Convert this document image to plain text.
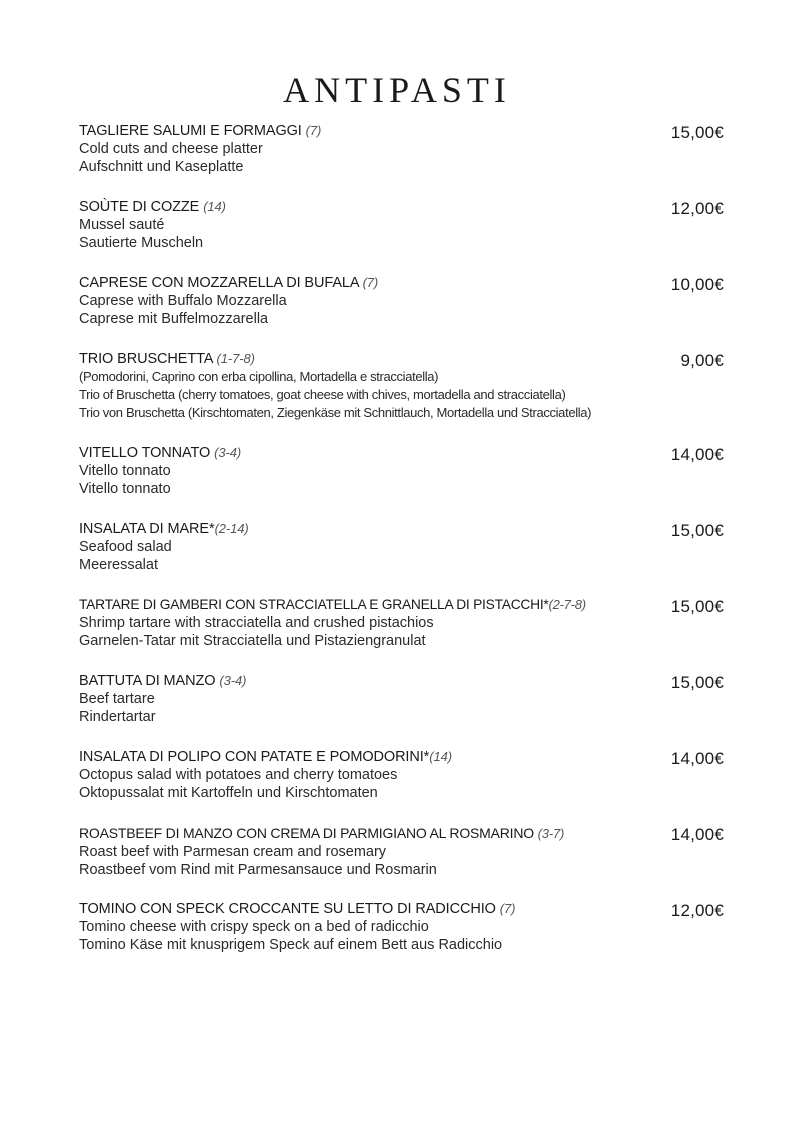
ANTIPASTI
TAGLIERE SALUMI E FORMAGGI (7)
Cold cuts and cheese platter
Aufschnitt und Kaseplatte
15,00€
SOÙTE DI COZZE (14)
Mussel sauté
Sautierte Muscheln
12,00€
CAPRESE CON MOZZARELLA DI BUFALA (7)
Caprese with Buffalo Mozzarella
Caprese mit Buffelmozzarella
10,00€
TRIO BRUSCHETTA (1-7-8)
(Pomodorini, Caprino con erba cipollina, Mortadella e stracciatella)
Trio of Bruschetta (cherry tomatoes, goat cheese with chives, mortadella and stracciatella)
Trio von Bruschetta (Kirschtomaten, Ziegenkäse mit Schnittlauch, Mortadella und Stracciatella)
9,00€
VITELLO TONNATO (3-4)
Vitello tonnato
Vitello tonnato
14,00€
INSALATA DI MARE*(2-14)
Seafood salad
Meeressalat
15,00€
TARTARE DI GAMBERI CON STRACCIATELLA E GRANELLA DI PISTACCHI*(2-7-8)
Shrimp tartare with stracciatella and crushed pistachios
Garnelen-Tatar mit Stracciatella und Pistaziengranulat
15,00€
BATTUTA DI MANZO (3-4)
Beef tartare
Rindertartar
15,00€
INSALATA DI POLIPO CON PATATE E POMODORINI*(14)
Octopus salad with potatoes and cherry tomatoes
Oktopussalat mit Kartoffeln und Kirschtomaten
14,00€
ROASTBEEF DI MANZO CON CREMA DI PARMIGIANO AL ROSMARINO (3-7)
Roast beef with Parmesan cream and rosemary
Roastbeef vom Rind mit Parmesansauce und Rosmarin
14,00€
TOMINO CON SPECK CROCCANTE SU LETTO DI RADICCHIO (7)
Tomino cheese with crispy speck on a bed of radicchio
Tomino Käse mit knusprigem Speck auf einem Bett aus Radicchio
12,00€
